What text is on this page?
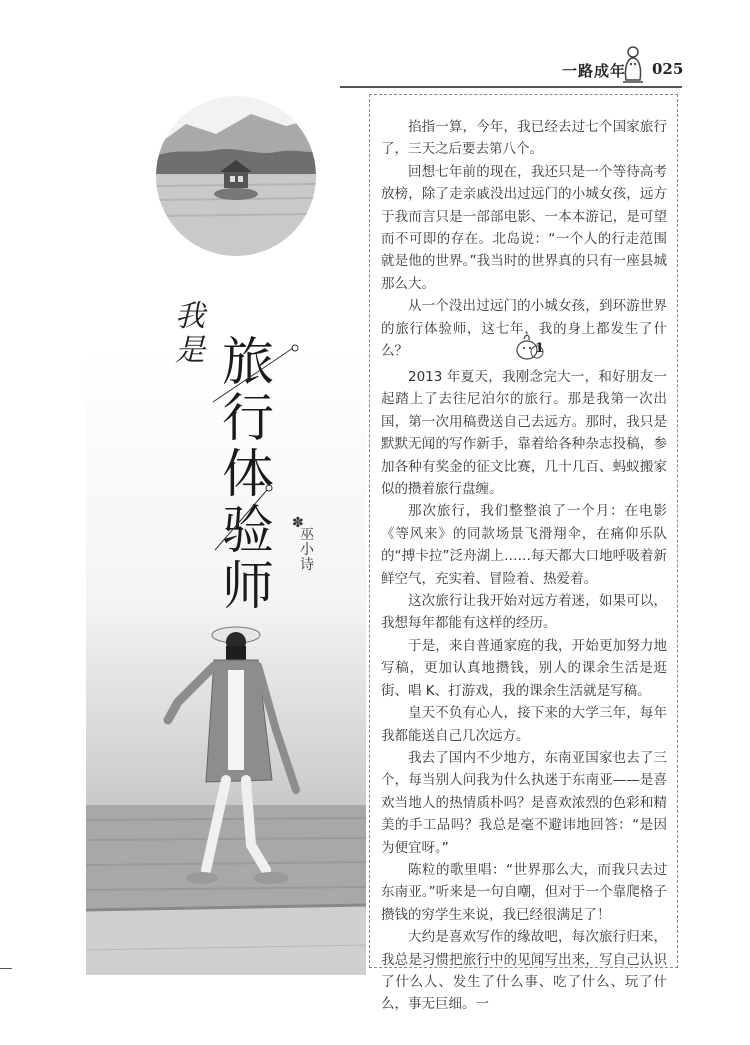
一路成年 025
我是 旅行体验师
✽
巫小诗

掐指一算，今年，我已经去过七个国家旅行了，三天之后要去第八个。

回想七年前的现在，我还只是一个等待高考放榜，除了走亲戚没出过远门的小城女孩，远方于我而言只是一部部电影、一本本游记，是可望而不可即的存在。北岛说：“一个人的行走范围就是他的世界。”我当时的世界真的只有一座县城那么大。

从一个没出过远门的小城女孩，到环游世界的旅行体验师，这七年，我的身上都发生了什么？	1

2013 年夏天，我刚念完大一，和好朋友一起踏上了去往尼泊尔的旅行。那是我第一次出国，第一次用稿费送自己去远方。那时，我只是默默无闻的写作新手，靠着给各种杂志投稿，参加各种有奖金的征文比赛，几十几百、蚂蚁搬家似的攒着旅行盘缠。

那次旅行，我们整整浪了一个月：在电影《等风来》的同款场景飞滑翔伞，在痛仰乐队的“搏卡拉”泛舟湖上……每天都大口地呼吸着新鲜空气，充实着、冒险着、热爱着。

这次旅行让我开始对远方着迷，如果可以，我想每年都能有这样的经历。

于是，来自普通家庭的我，开始更加努力地写稿，更加认真地攒钱，别人的课余生活是逛街、唱 K、打游戏，我的课余生活就是写稿。

皇天不负有心人，接下来的大学三年，每年我都能送自己几次远方。

我去了国内不少地方，东南亚国家也去了三个，每当别人问我为什么执迷于东南亚——是喜欢当地人的热情质朴吗？是喜欢浓烈的色彩和精美的手工品吗？我总是毫不避讳地回答：“是因为便宜呀。”

陈粒的歌里唱：“世界那么大，而我只去过东南亚。”听来是一句自嘲，但对于一个靠爬格子攒钱的穷学生来说，我已经很满足了！

大约是喜欢写作的缘故吧，每次旅行归来，我总是习惯把旅行中的见闻写出来，写自己认识了什么人、发生了什么事、吃了什么、玩了什么，事无巨细。一
